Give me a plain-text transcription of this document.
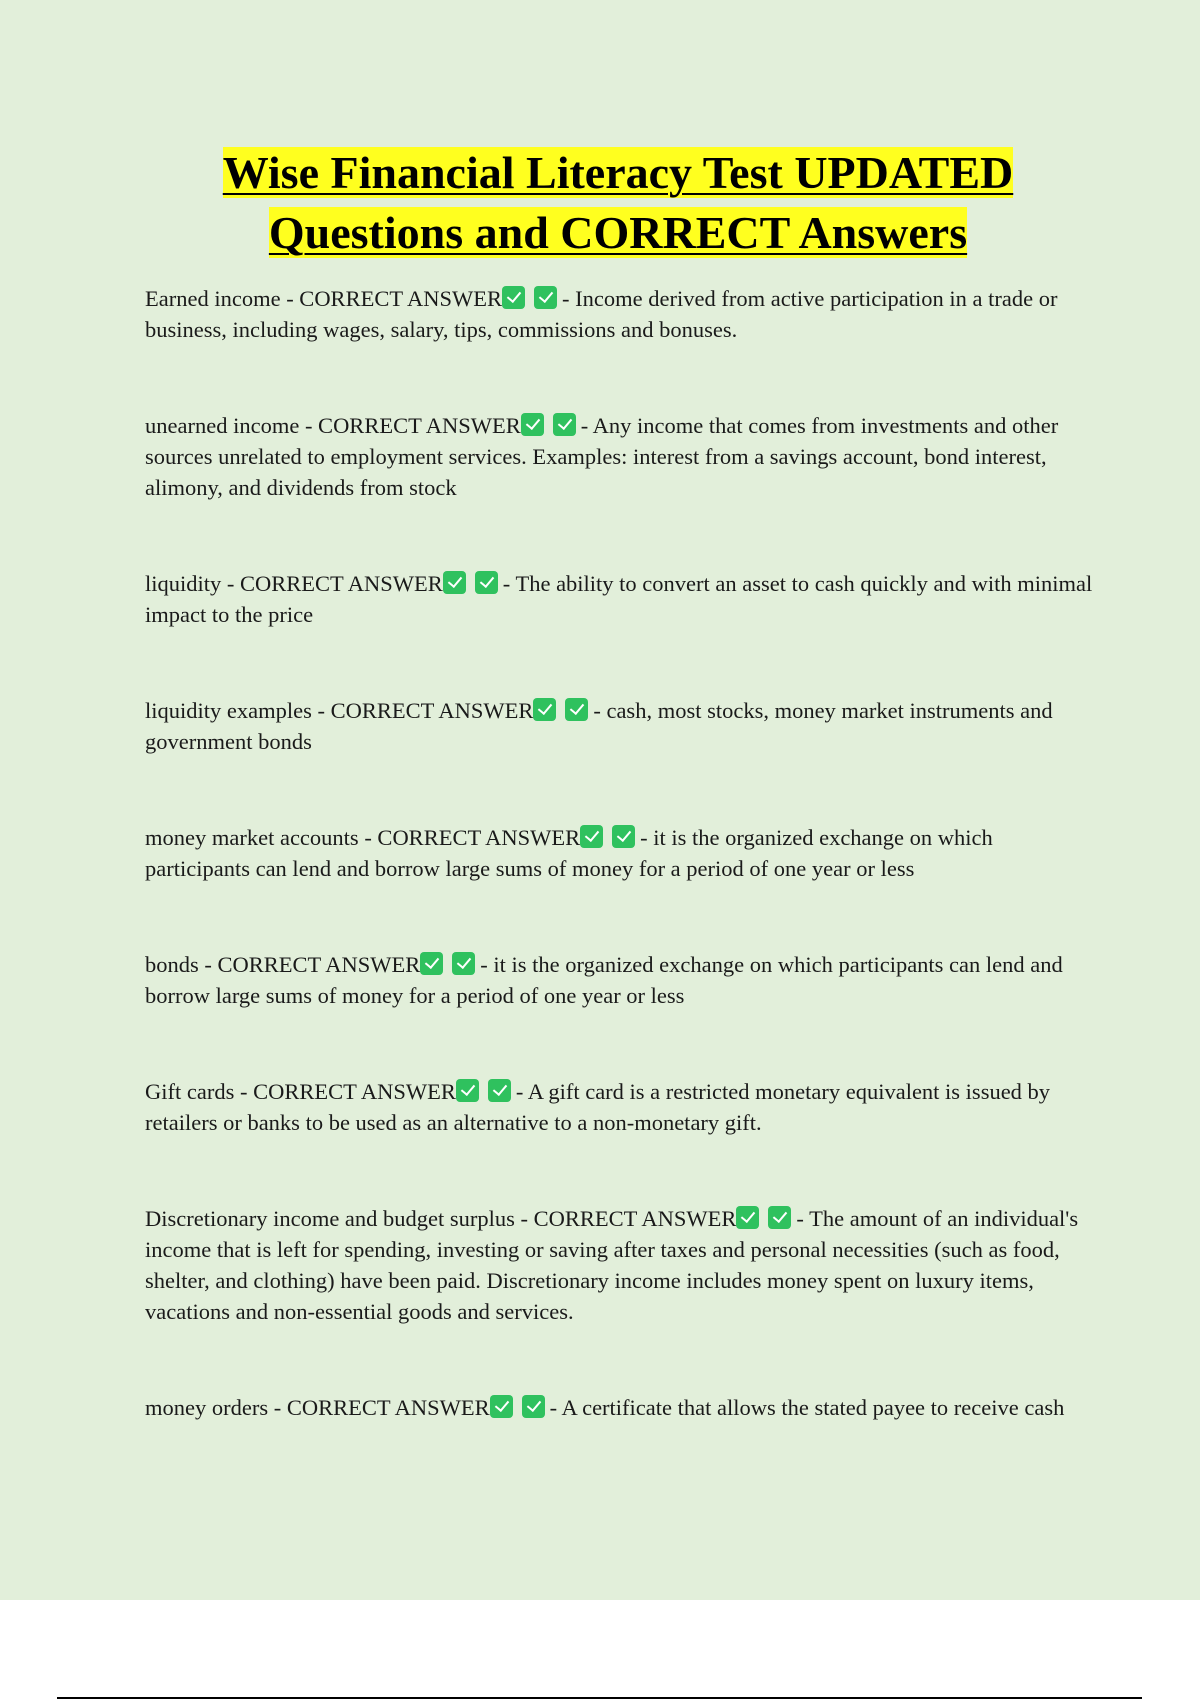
Wise Financial Literacy Test UPDATED
Questions and CORRECT Answers

Earned income - CORRECT ANSWER	- Income derived from active participation in a trade or business, including wages, salary, tips, commissions and bonuses.

unearned income - CORRECT ANSWER	- Any income that comes from investments and other sources unrelated to employment services. Examples: interest from a savings account, bond interest, alimony, and dividends from stock

liquidity - CORRECT ANSWER	- The ability to convert an asset to cash quickly and with minimal impact to the price

liquidity examples - CORRECT ANSWER	- cash, most stocks, money market instruments and government bonds

money market accounts - CORRECT ANSWER	- it is the organized exchange on which participants can lend and borrow large sums of money for a period of one year or less

bonds - CORRECT ANSWER	- it is the organized exchange on which participants can lend and borrow large sums of money for a period of one year or less

Gift cards - CORRECT ANSWER	- A gift card is a restricted monetary equivalent is issued by retailers or banks to be used as an alternative to a non-monetary gift.

Discretionary income and budget surplus - CORRECT ANSWER	- The amount of an individual's income that is left for spending, investing or saving after taxes and personal necessities (such as food, shelter, and clothing) have been paid. Discretionary income includes money spent on luxury items, vacations and non-essential goods and services.

money orders - CORRECT ANSWER	- A certificate that allows the stated payee to receive cash
